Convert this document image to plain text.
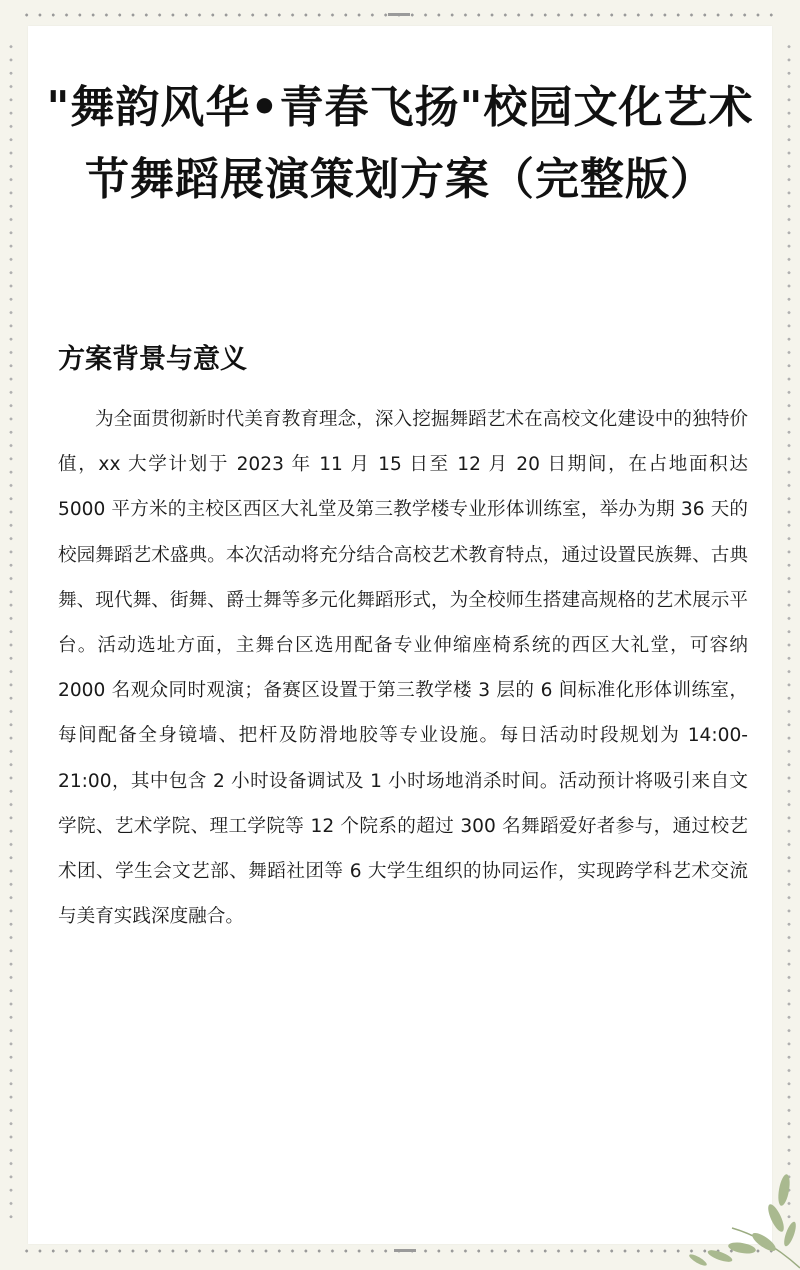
"舞韵风华•青春飞扬"校园文化艺术节舞蹈展演策划方案（完整版）
方案背景与意义

为全面贯彻新时代美育教育理念，深入挖掘舞蹈艺术在高校文化建设中的独特价值，xx 大学计划于 2023 年 11 月 15 日至 12 月 20 日期间，在占地面积达 5000 平方米的主校区西区大礼堂及第三教学楼专业形体训练室，举办为期 36 天的校园舞蹈艺术盛典。本次活动将充分结合高校艺术教育特点，通过设置民族舞、古典舞、现代舞、街舞、爵士舞等多元化舞蹈形式，为全校师生搭建高规格的艺术展示平台。活动选址方面，主舞台区选用配备专业伸缩座椅系统的西区大礼堂，可容纳 2000 名观众同时观演；备赛区设置于第三教学楼 3 层的 6 间标准化形体训练室，每间配备全身镜墙、把杆及防滑地胶等专业设施。每日活动时段规划为 14:00-21:00，其中包含 2 小时设备调试及 1 小时场地消杀时间。活动预计将吸引来自文学院、艺术学院、理工学院等 12 个院系的超过 300 名舞蹈爱好者参与，通过校艺术团、学生会文艺部、舞蹈社团等 6 大学生组织的协同运作，实现跨学科艺术交流与美育实践深度融合。
